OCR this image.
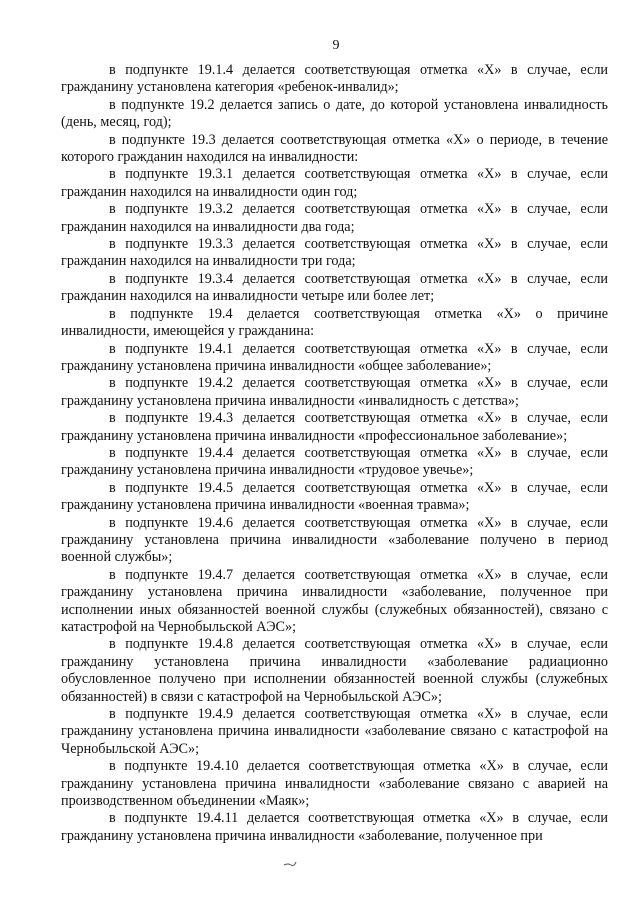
9

в подпункте 19.1.4 делается соответствующая отметка «Х» в случае, если гражданину установлена категория «ребенок-инвалид»;

в подпункте 19.2 делается запись о дате, до которой установлена инвалидность (день, месяц, год);

в подпункте 19.3 делается соответствующая отметка «Х» о периоде, в течение которого гражданин находился на инвалидности:

в подпункте 19.3.1 делается соответствующая отметка «Х» в случае, если гражданин находился на инвалидности один год;

в подпункте 19.3.2 делается соответствующая отметка «Х» в случае, если гражданин находился на инвалидности два года;

в подпункте 19.3.3 делается соответствующая отметка «Х» в случае, если гражданин находился на инвалидности три года;

в подпункте 19.3.4 делается соответствующая отметка «Х» в случае, если гражданин находился на инвалидности четыре или более лет;

в подпункте 19.4 делается соответствующая отметка «Х» о причине инвалидности, имеющейся у гражданина:

в подпункте 19.4.1 делается соответствующая отметка «Х» в случае, если гражданину установлена причина инвалидности «общее заболевание»;

в подпункте 19.4.2 делается соответствующая отметка «Х» в случае, если гражданину установлена причина инвалидности «инвалидность с детства»;

в подпункте 19.4.3 делается соответствующая отметка «Х» в случае, если гражданину установлена причина инвалидности «профессиональное заболевание»;

в подпункте 19.4.4 делается соответствующая отметка «Х» в случае, если гражданину установлена причина инвалидности «трудовое увечье»;

в подпункте 19.4.5 делается соответствующая отметка «Х» в случае, если гражданину установлена причина инвалидности «военная травма»;

в подпункте 19.4.6 делается соответствующая отметка «Х» в случае, если гражданину установлена причина инвалидности «заболевание получено в период военной службы»;

в подпункте 19.4.7 делается соответствующая отметка «Х» в случае, если гражданину установлена причина инвалидности «заболевание, полученное при исполнении иных обязанностей военной службы (служебных обязанностей), связано с катастрофой на Чернобыльской АЭС»;

в подпункте 19.4.8 делается соответствующая отметка «Х» в случае, если гражданину установлена причина инвалидности «заболевание радиационно обусловленное получено при исполнении обязанностей военной службы (служебных обязанностей) в связи с катастрофой на Чернобыльской АЭС»;

в подпункте 19.4.9 делается соответствующая отметка «Х» в случае, если гражданину установлена причина инвалидности «заболевание связано с катастрофой на Чернобыльской АЭС»;

в подпункте 19.4.10 делается соответствующая отметка «Х» в случае, если гражданину установлена причина инвалидности «заболевание связано с аварией на производственном объединении «Маяк»;

в подпункте 19.4.11 делается соответствующая отметка «Х» в случае, если гражданину установлена причина инвалидности «заболевание, полученное при
